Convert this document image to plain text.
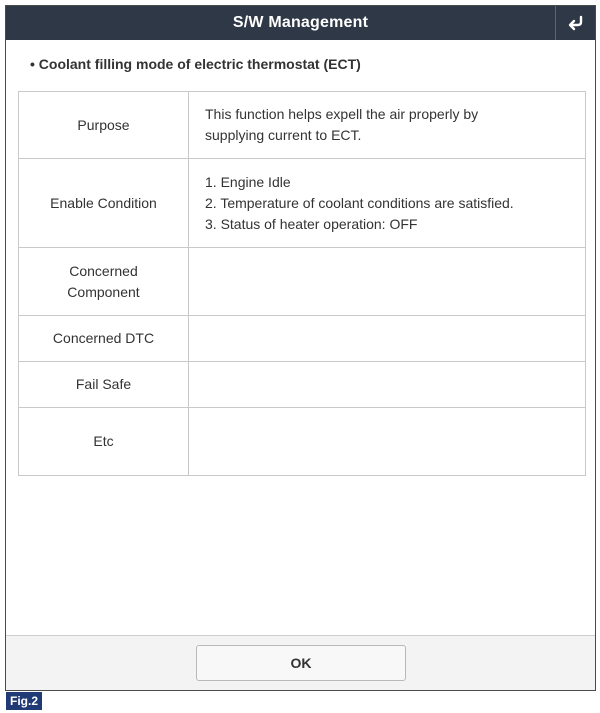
S/W Management
• Coolant filling mode of electric thermostat (ECT)
Purpose	This function helps expell the air properly by
supplying current to ECT.

Enable Condition	1. Engine Idle
2. Temperature of coolant conditions are satisfied.
3. Status of heater operation: OFF

Concerned
Component	

Concerned DTC	
Fail Safe	
Etc	
OK
Fig.2
